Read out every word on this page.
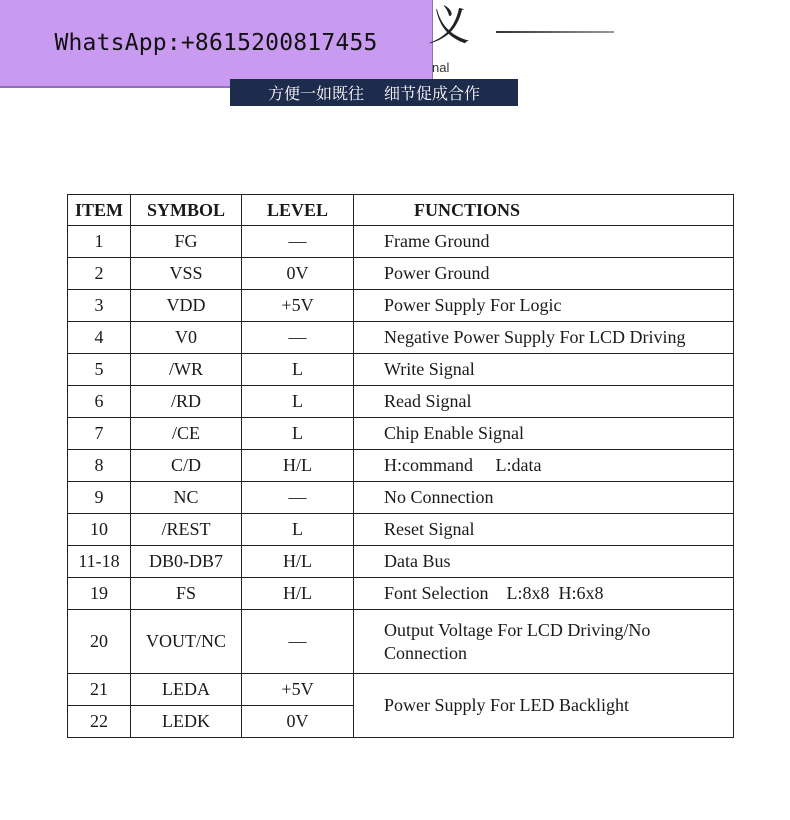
WhatsApp:+8615200817455 义
nal
方便一如既往 细节促成合作
ITEM	SYMBOL	LEVEL	FUNCTIONS
1	FG	—	Frame Ground
2	VSS	0V	Power Ground
3	VDD	+5V	Power Supply For Logic
4	V0	—	Negative Power Supply For LCD Driving
5	/WR	L	Write Signal
6	/RD	L	Read Signal
7	/CE	L	Chip Enable Signal
8	C/D	H/L	H:command     L:data
9	NC	—	No Connection
10	/REST	L	Reset Signal
11-18	DB0-DB7	H/L	Data Bus
19	FS	H/L	Font Selection    L:8x8  H:6x8
20	VOUT/NC	—	Output Voltage For LCD Driving/No
Connection

21	LEDA	+5V	Power Supply For LED Backlight
22	LEDK	0V	
